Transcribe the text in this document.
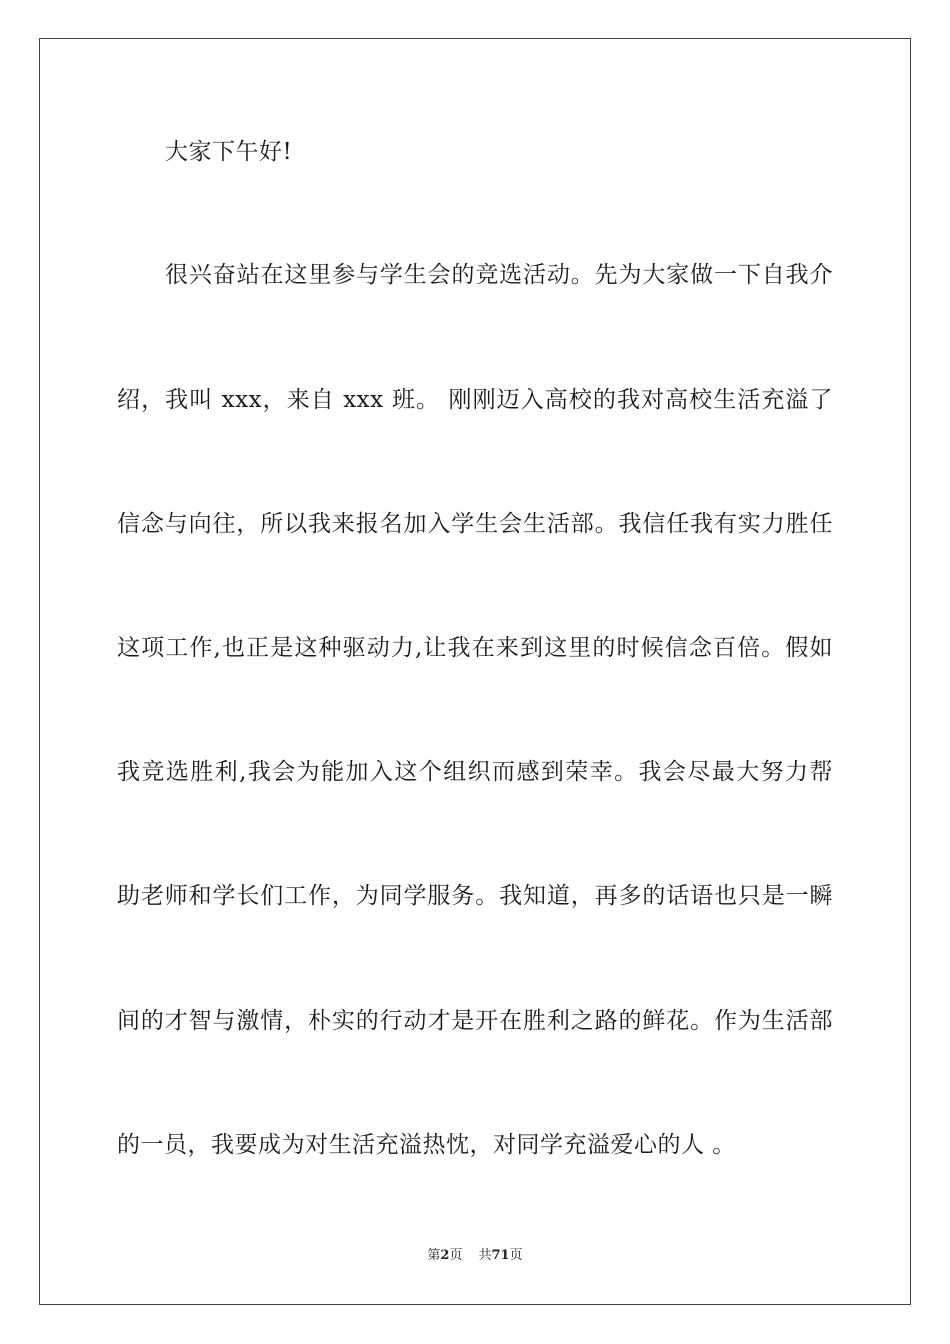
大家下午好!
很兴奋站在这里参与学生会的竞选活动。先为大家做一下自我介
绍，我叫 xxx，来自 xxx 班。 刚刚迈入高校的我对高校生活充溢了
信念与向往，所以我来报名加入学生会生活部。我信任我有实力胜任
这项工作,也正是这种驱动力,让我在来到这里的时候信念百倍。假如
我竞选胜利,我会为能加入这个组织而感到荣幸。我会尽最大努力帮
助老师和学长们工作，为同学服务。我知道，再多的话语也只是一瞬
间的才智与激情，朴实的行动才是开在胜利之路的鲜花。作为生活部
的一员，我要成为对生活充溢热忱，对同学充溢爱心的人 。
第2页 共71页
